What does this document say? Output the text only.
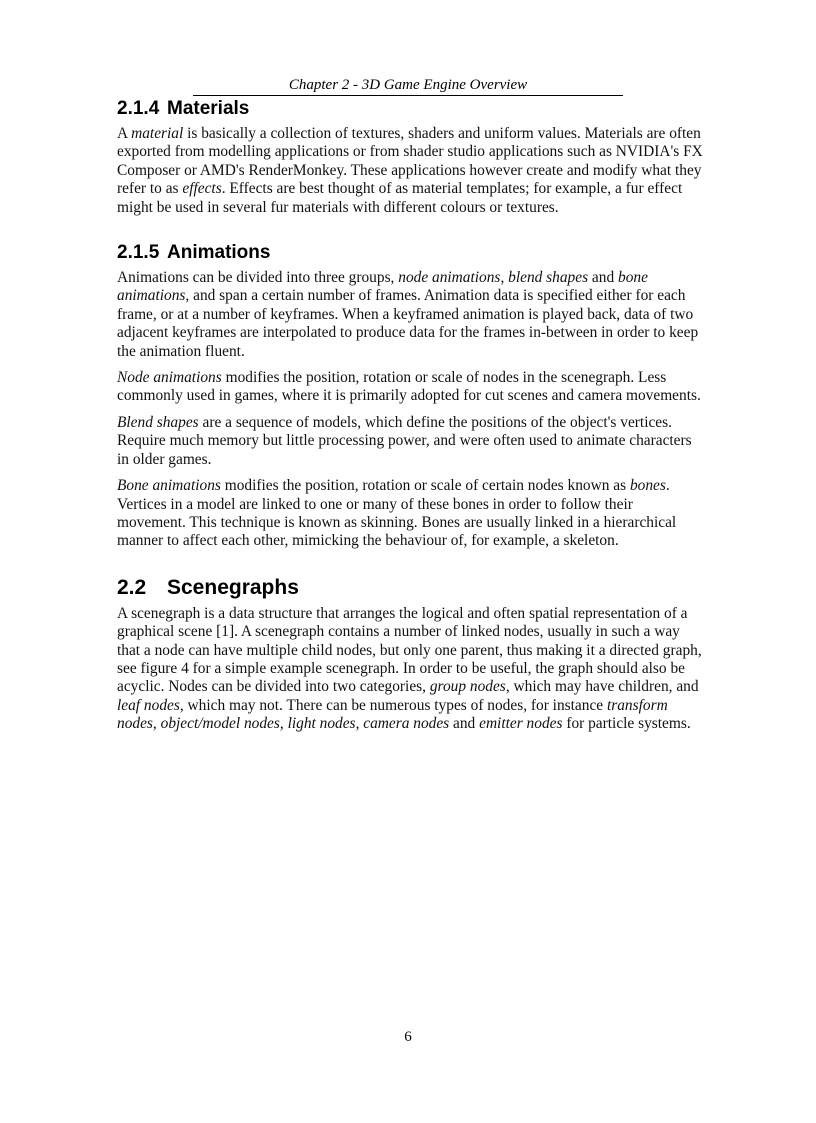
Chapter 2 - 3D Game Engine Overview
2.1.4 Materials

A material is basically a collection of textures, shaders and uniform values. Materials are often exported from modelling applications or from shader studio applications such as NVIDIA's FX Composer or AMD's RenderMonkey. These applications however create and modify what they refer to as effects. Effects are best thought of as material templates; for example, a fur effect might be used in several fur materials with different colours or textures.

2.1.5 Animations

Animations can be divided into three groups, node animations, blend shapes and bone animations, and span a certain number of frames. Animation data is specified either for each frame, or at a number of keyframes. When a keyframed animation is played back, data of two adjacent keyframes are interpolated to produce data for the frames in-between in order to keep the animation fluent.

Node animations modifies the position, rotation or scale of nodes in the scenegraph. Less commonly used in games, where it is primarily adopted for cut scenes and camera movements.

Blend shapes are a sequence of models, which define the positions of the object's vertices. Require much memory but little processing power, and were often used to animate characters in older games.

Bone animations modifies the position, rotation or scale of certain nodes known as bones. Vertices in a model are linked to one or many of these bones in order to follow their movement. This technique is known as skinning. Bones are usually linked in a hierarchical manner to affect each other, mimicking the behaviour of, for example, a skeleton.

2.2 Scenegraphs

A scenegraph is a data structure that arranges the logical and often spatial representation of a graphical scene [1]. A scenegraph contains a number of linked nodes, usually in such a way that a node can have multiple child nodes, but only one parent, thus making it a directed graph, see figure 4 for a simple example scenegraph. In order to be useful, the graph should also be acyclic. Nodes can be divided into two categories, group nodes, which may have children, and leaf nodes, which may not. There can be numerous types of nodes, for instance transform nodes, object/model nodes, light nodes, camera nodes and emitter nodes for particle systems.

6
